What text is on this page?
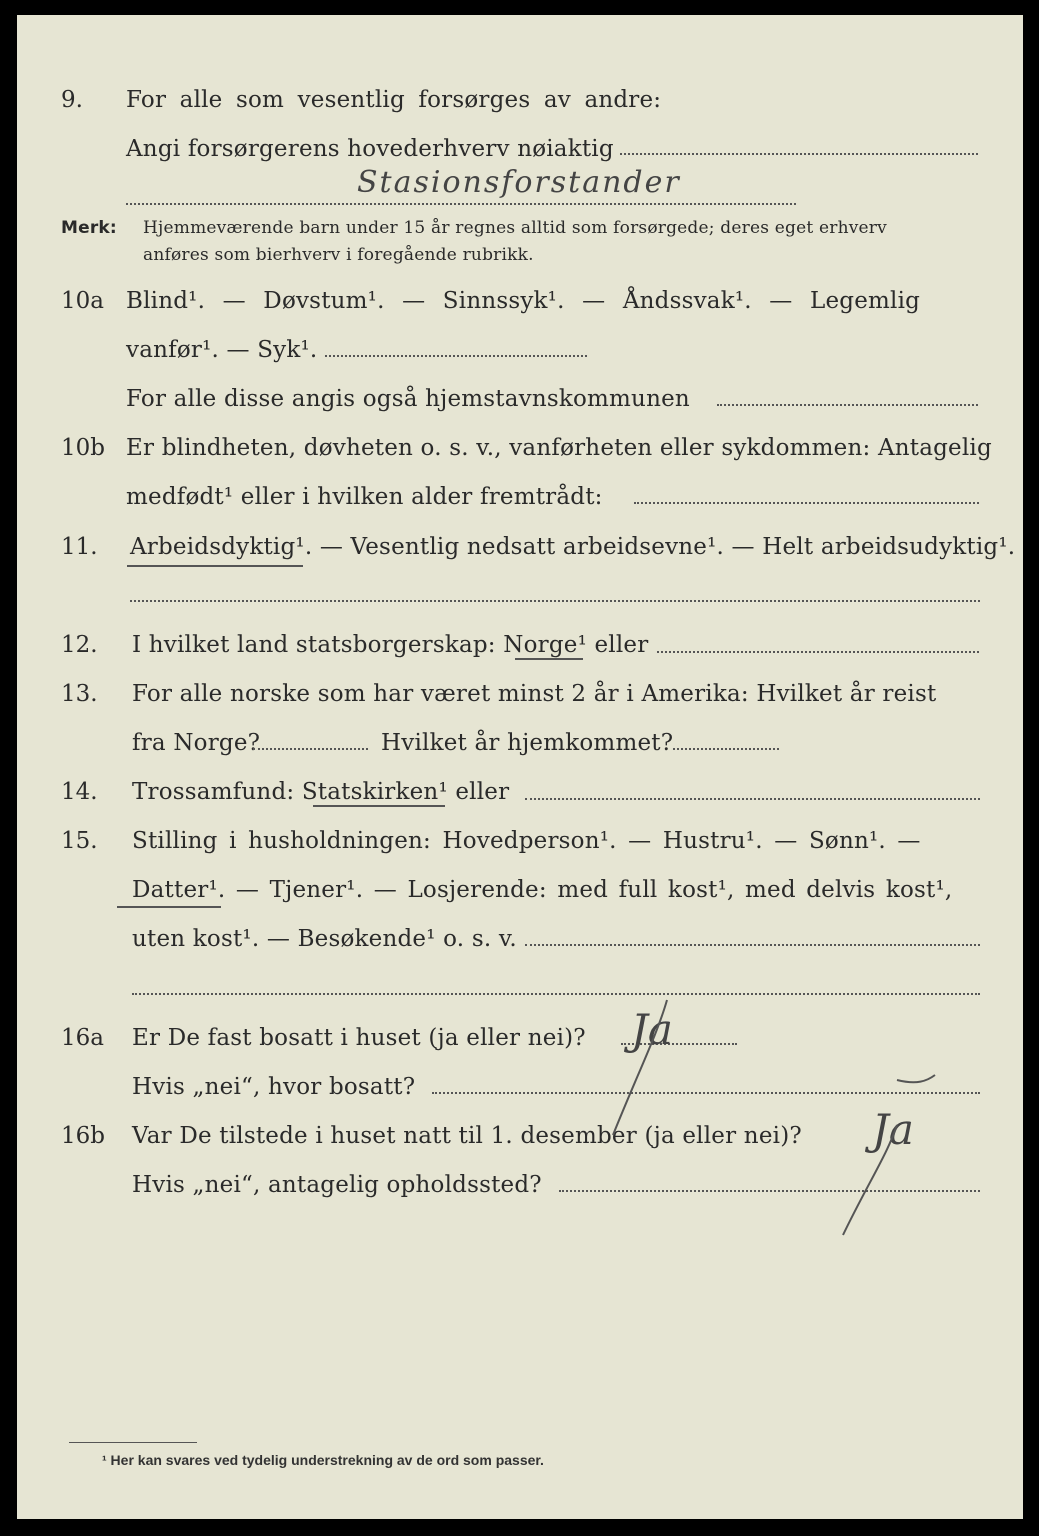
9. For alle som vesentlig forsørges av andre:
Angi forsørgerens hovederhverv nøiaktig
Stasionsforstander
Merk: Hjemmeværende barn under 15 år regnes alltid som forsørgede; deres eget erhverv
anføres som bierhverv i foregående rubrikk.
10a Blind¹. — Døvstum¹. — Sinnssyk¹. — Åndssvak¹. — Legemlig
vanfør¹. — Syk¹.
For alle disse angis også hjemstavnskommunen
10b Er blindheten, døvheten o. s. v., vanførheten eller sykdommen: Antagelig
medfødt¹ eller i hvilken alder fremtrådt:
11. Arbeidsdyktig¹. — Vesentlig nedsatt arbeidsevne¹. — Helt arbeidsudyktig¹.
12. I hvilket land statsborgerskap: Norge¹ eller
13. For alle norske som har været minst 2 år i Amerika: Hvilket år reist
fra Norge?	Hvilket år hjemkommet?
14. Trossamfund: Statskirken¹ eller
15. Stilling i husholdningen: Hovedperson¹. — Hustru¹. — Sønn¹. —
Datter¹. — Tjener¹. — Losjerende: med full kost¹, med delvis kost¹,
uten kost¹. — Besøkende¹ o. s. v.
16a Er De fast bosatt i huset (ja eller nei)? Ja
Hvis „nei“, hvor bosatt?
16b Var De tilstede i huset natt til 1. desember (ja eller nei)? Ja
Hvis „nei“, antagelig opholdssted?
¹ Her kan svares ved tydelig understrekning av de ord som passer.
